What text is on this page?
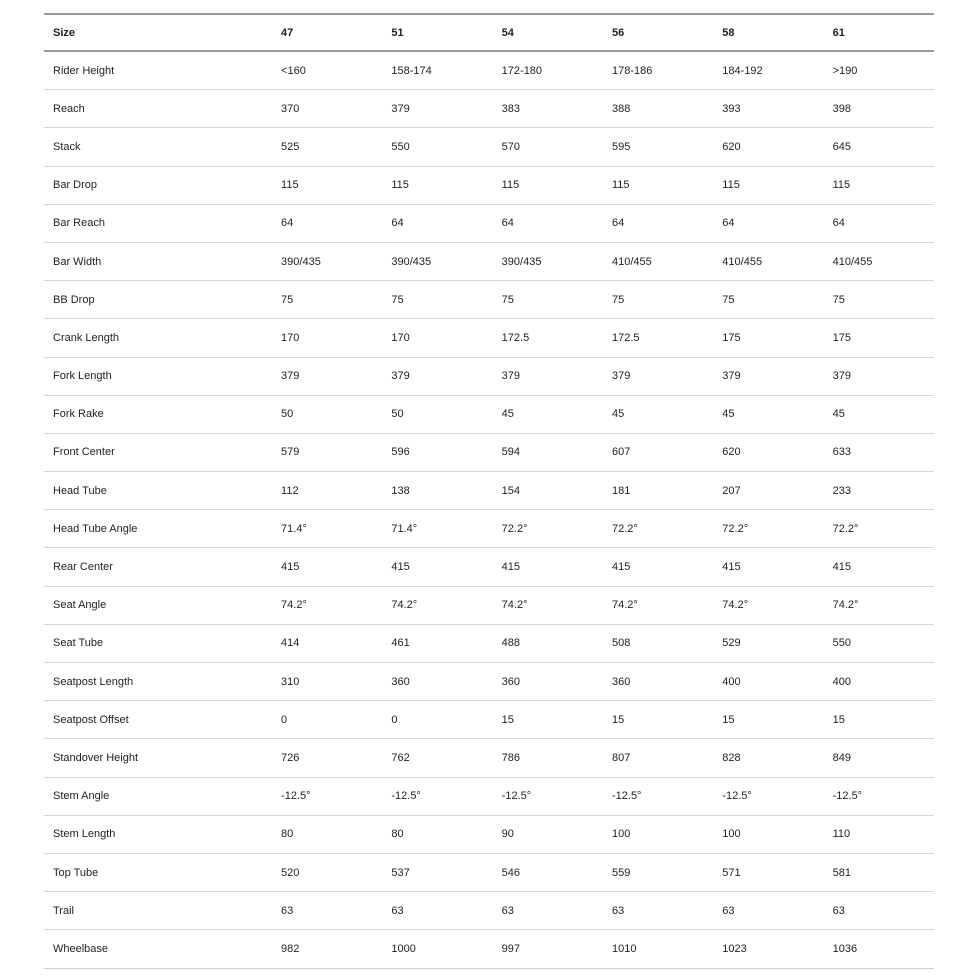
Size	47	51	54	56	58	61
Rider Height	<160	158-174	172-180	178-186	184-192	>190
Reach	370	379	383	388	393	398
Stack	525	550	570	595	620	645
Bar Drop	115	115	115	115	115	115
Bar Reach	64	64	64	64	64	64
Bar Width	390/435	390/435	390/435	410/455	410/455	410/455
BB Drop	75	75	75	75	75	75
Crank Length	170	170	172.5	172.5	175	175
Fork Length	379	379	379	379	379	379
Fork Rake	50	50	45	45	45	45
Front Center	579	596	594	607	620	633
Head Tube	112	138	154	181	207	233
Head Tube Angle	71.4°	71.4°	72.2°	72.2°	72.2°	72.2°
Rear Center	415	415	415	415	415	415
Seat Angle	74.2°	74.2°	74.2°	74.2°	74.2°	74.2°
Seat Tube	414	461	488	508	529	550
Seatpost Length	310	360	360	360	400	400
Seatpost Offset	0	0	15	15	15	15
Standover Height	726	762	786	807	828	849
Stem Angle	-12.5°	-12.5°	-12.5°	-12.5°	-12.5°	-12.5°
Stem Length	80	80	90	100	100	110
Top Tube	520	537	546	559	571	581
Trail	63	63	63	63	63	63
Wheelbase	982	1000	997	1010	1023	1036
